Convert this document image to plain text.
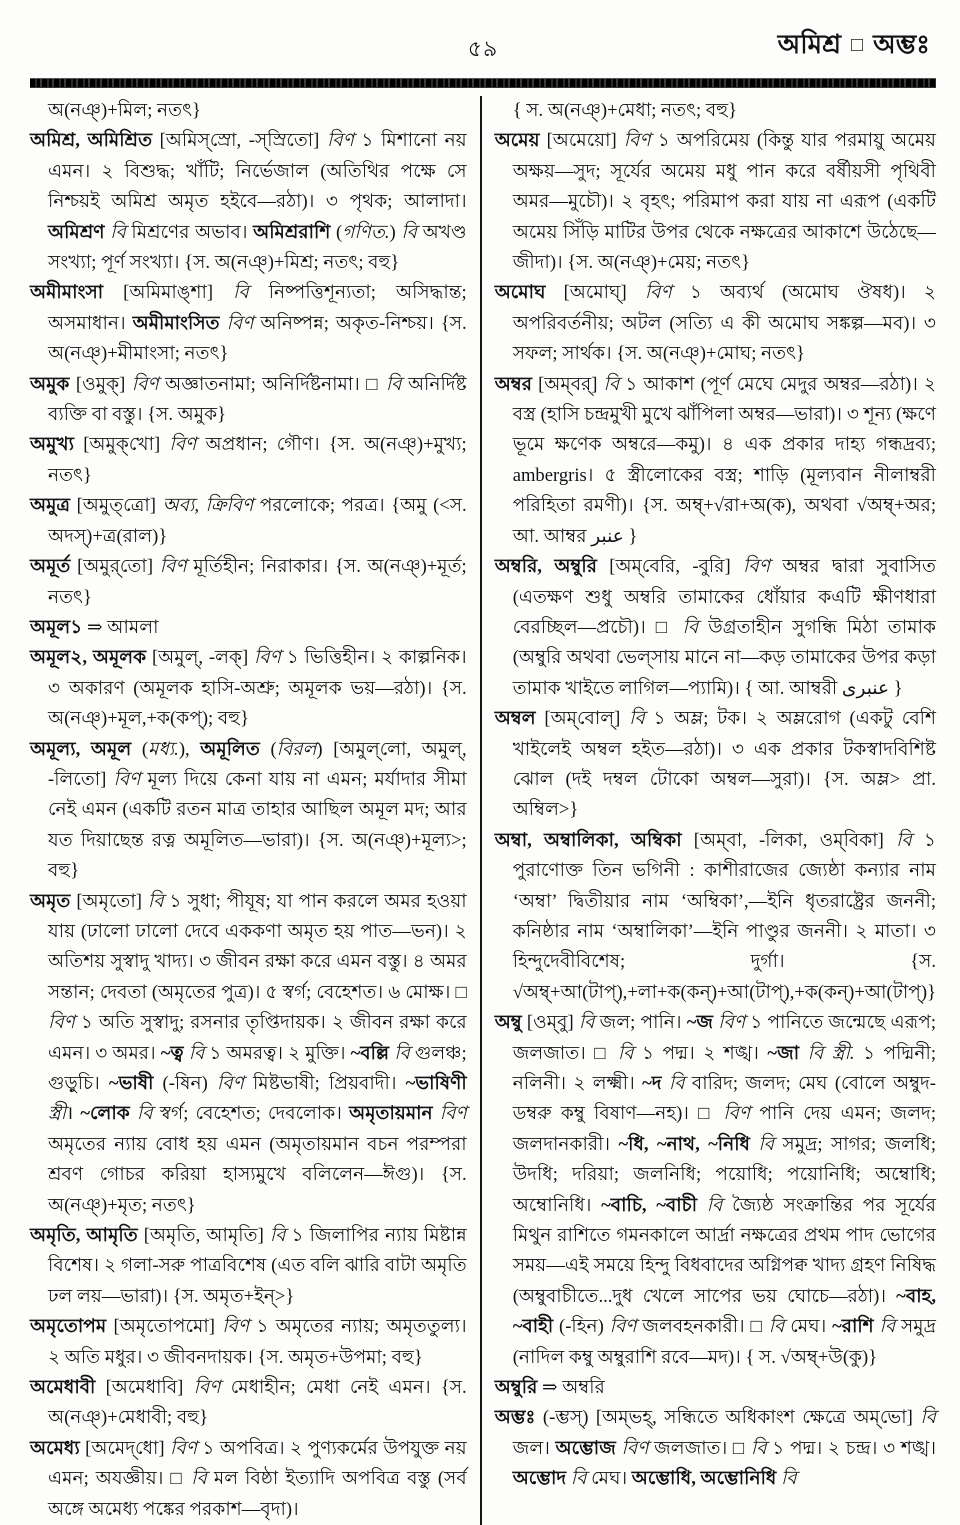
৫৯	অমিশ্র □ অম্ভঃ

অ(নঞ্)+মিল; নতৎ}

অমিশ্র, অমিশ্রিত [অমিস্‌স্রো, -স্‌স্রিতো] বিণ ১ মিশানো নয় এমন। ২ বিশুদ্ধ; খাঁটি; নির্ভেজাল (অতিথির পক্ষে সে নিশ্চয়ই অমিশ্র অমৃত হইবে—রঠা)। ৩ পৃথক; আলাদা। অমিশ্রণ বি মিশ্রণের অভাব। অমিশ্ররাশি (গণিত.) বি অখণ্ড সংখ্যা; পূর্ণ সংখ্যা। {স. অ(নঞ্)+মিশ্র; নতৎ; বহু}

অমীমাংসা [অমিমাঙ্‌শা] বি নিষ্পত্তিশূন্যতা; অসিদ্ধান্ত; অসমাধান। অমীমাংসিত বিণ অনিষ্পন্ন; অকৃত-নিশ্চয়। {স. অ(নঞ্)+মীমাংসা; নতৎ}

অমুক [ওমুক্] বিণ অজ্ঞাতনামা; অনির্দিষ্টনামা। □ বি অনির্দিষ্ট ব্যক্তি বা বস্তু। {স. অমুক}

অমুখ্য [অমুক্‌খো] বিণ অপ্রধান; গৌণ। {স. অ(নঞ্)+মুখ্য; নতৎ}

অমুত্র [অমুত্‌ত্রো] অব্য, ক্রিবিণ পরলোকে; পরত্র। {অমু (<স. অদস্)+ত্র(রাল)}

অমূর্ত [অমুর্‌তো] বিণ মূর্তিহীন; নিরাকার। {স. অ(নঞ্)+মূর্ত; নতৎ}

অমূল১ ⇒ আমলা

অমূল২, অমূলক [অমুল্, -লক্] বিণ ১ ভিত্তিহীন। ২ কাল্পনিক। ৩ অকারণ (অমূলক হাসি-অশ্রু; অমূলক ভয়—রঠা)। {স. অ(নঞ্)+মূল,+ক(কপ্); বহু}

অমূল্য, অমূল (মধ্য.), অমূলিত (বিরল) [অমুল্‌লো, অমুল্, -লিতো] বিণ মূল্য দিয়ে কেনা যায় না এমন; মর্যাদার সীমা নেই এমন (একটি রতন মাত্র তাহার আছিল অমূল মদ; আর যত দিয়াছেন্ত রত্ন অমূলিত—ভারা)। {স. অ(নঞ্)+মূল্য>; বহু}

অমৃত [অমৃতো] বি ১ সুধা; পীযূষ; যা পান করলে অমর হওয়া যায় (ঢালো ঢালো দেবে এককণা অমৃত হয় পাত—ভন)। ২ অতিশয় সুস্বাদু খাদ্য। ৩ জীবন রক্ষা করে এমন বস্তু। ৪ অমর সন্তান; দেবতা (অমৃতের পুত্র)। ৫ স্বর্গ; বেহেশত। ৬ মোক্ষ। □ বিণ ১ অতি সুস্বাদু; রসনার তৃপ্তিদায়ক। ২ জীবন রক্ষা করে এমন। ৩ অমর। ~ত্ব বি ১ অমরত্ব। ২ মুক্তি। ~বল্লি বি গুলঞ্চ; গুড়ুচি। ~ভাষী (-ষিন) বিণ মিষ্টভাষী; প্রিয়বাদী। ~ভাষিণী স্ত্রী। ~লোক বি স্বর্গ; বেহেশত; দেবলোক। অমৃতায়মান বিণ অমৃতের ন্যায় বোধ হয় এমন (অমৃতায়মান বচন পরম্পরা শ্রবণ গোচর করিয়া হাস্যমুখে বলিলেন—ঈগু)। {স. অ(নঞ্)+মৃত; নতৎ}

অমৃতি, আমৃতি [অমৃতি, আমৃতি] বি ১ জিলাপির ন্যায় মিষ্টান্ন বিশেষ। ২ গলা-সরু পাত্রবিশেষ (এত বলি ঝারি বাটা অমৃতি ঢল লয়—ভারা)। {স. অমৃত+ইন্>}

অমৃতোপম [অমৃতোপমো] বিণ ১ অমৃতের ন্যায়; অমৃততুল্য। ২ অতি মধুর। ৩ জীবনদায়ক। {স. অমৃত+উপমা; বহু}

অমেধাবী [অমেধাবি] বিণ মেধাহীন; মেধা নেই এমন। {স. অ(নঞ্)+মেধাবী; বহু}

অমেধ্য [অমেদ্‌ধো] বিণ ১ অপবিত্র। ২ পুণ্যকর্মের উপযুক্ত নয় এমন; অযজ্ঞীয়। □ বি মল বিষ্ঠা ইত্যাদি অপবিত্র বস্তু (সর্ব অঙ্গে অমেধ্য পঙ্কের পরকাশ—বৃদা)।

{ স. অ(নঞ্)+মেধা; নতৎ; বহু}

অমেয় [অমেয়ো] বিণ ১ অপরিমেয় (কিন্তু যার পরমায়ু অমেয় অক্ষয়—সুদ; সূর্যের অমেয় মধু পান করে বর্ষীয়সী পৃথিবী অমর—মুচৌ)। ২ বৃহৎ; পরিমাপ করা যায় না এরূপ (একটি অমেয় সিঁড়ি মাটির উপর থেকে নক্ষত্রের আকাশে উঠেছে—জীদা)। {স. অ(নঞ্)+মেয়; নতৎ}

অমোঘ [অমোঘ্] বিণ ১ অব্যর্থ (অমোঘ ঔষধ)। ২ অপরিবর্তনীয়; অটল (সত্যি এ কী অমোঘ সঙ্কল্প—মব)। ৩ সফল; সার্থক। {স. অ(নঞ্)+মোঘ; নতৎ}

অম্বর [অম্‌বর্] বি ১ আকাশ (পূর্ণ মেঘে মেদুর অম্বর—রঠা)। ২ বস্ত্র (হাসি চন্দ্রমুখী মুখে ঝাঁপিলা অম্বর—ভারা)। ৩ শূন্য (ক্ষণে ভূমে ক্ষণেক অম্বরে—কমু)। ৪ এক প্রকার দাহ্য গন্ধদ্রব্য; ambergris। ৫ স্ত্রীলোকের বস্ত্র; শাড়ি (মূল্যবান নীলাম্বরী পরিহিতা রমণী)। {স. অম্ব্+√রা+অ(ক), অথবা √অম্ব্+অর; আ. আম্বর عنبر }

অম্বরি, অম্বুরি [অম্‌বেরি, -বুরি] বিণ অম্বর দ্বারা সুবাসিত (এতক্ষণ শুধু অম্বরি তামাকের ধোঁয়ার কএটি ক্ষীণধারা বেরচ্ছিল—প্রচৌ)। □ বি উগ্রতাহীন সুগন্ধি মিঠা তামাক (অম্বুরি অথবা ভেল্‌সায় মানে না—কড় তামাকের উপর কড়া তামাক খাইতে লাগিল—প্যামি)। { আ. আম্বরী عنبرى }

অম্বল [অম্‌বোল্] বি ১ অম্ল; টক। ২ অম্লরোগ (একটু বেশি খাইলেই অম্বল হইত—রঠা)। ৩ এক প্রকার টকস্বাদবিশিষ্ট ঝোল (দই দম্বল টোকো অম্বল—সুরা)। {স. অম্ল> প্রা. অম্বিল>}

অম্বা, অম্বালিকা, অম্বিকা [অম্‌বা, -লিকা, ওম্‌বিকা] বি ১ পুরাণোক্ত তিন ভগিনী : কাশীরাজের জ্যেষ্ঠা কন্যার নাম ‘অম্বা’ দ্বিতীয়ার নাম ‘অম্বিকা’,—ইনি ধৃতরাষ্ট্রের জননী; কনিষ্ঠার নাম ‘অম্বালিকা’—ইনি পাণ্ডুর জননী। ২ মাতা। ৩ হিন্দুদেবীবিশেষ; দুর্গা। {স. √অম্ব্+আ(টাপ্),+লা+ক(কন্)+আ(টাপ্),+ক(কন্)+আ(টাপ্)}

অম্বু [ওম্‌বু] বি জল; পানি। ~জ বিণ ১ পানিতে জন্মেছে এরূপ; জলজাত। □ বি ১ পদ্ম। ২ শঙ্খ। ~জা বি স্ত্রী. ১ পদ্মিনী; নলিনী। ২ লক্ষ্মী। ~দ বি বারিদ; জলদ; মেঘ (বোলে অম্বুদ-ডম্বরু কম্বু বিষাণ—নহ)। □ বিণ পানি দেয় এমন; জলদ; জলদানকারী। ~ধি, ~নাথ, ~নিধি বি সমুদ্র; সাগর; জলধি; উদধি; দরিয়া; জলনিধি; পয়োধি; পয়োনিধি; অম্বোধি; অম্বোনিধি। ~বাচি, ~বাচী বি জ্যৈষ্ঠ সংক্রান্তির পর সূর্যের মিথুন রাশিতে গমনকালে আর্দ্রা নক্ষত্রের প্রথম পাদ ভোগের সময়—এই সময়ে হিন্দু বিধবাদের অগ্নিপক্ব খাদ্য গ্রহণ নিষিদ্ধ (অম্বুবাচীতে...দুধ খেলে সাপের ভয় ঘোচে—রঠা)। ~বাহ, ~বাহী (-হিন) বিণ জলবহনকারী। □ বি মেঘ। ~রাশি বি সমুদ্র (নাদিল কম্বু অম্বুরাশি রবে—মদ)। { স. √অম্ব্+উ(কু)}

অম্বুরি ⇒ অম্বরি

অম্ভঃ (-ম্ভস্) [অম্‌ভহ্, সন্ধিতে অধিকাংশ ক্ষেত্রে অম্‌ভো] বি জল। অম্ভোজ বিণ জলজাত। □ বি ১ পদ্ম। ২ চন্দ্র। ৩ শঙ্খ। অম্ভোদ বি মেঘ। অম্ভোধি, অম্ভোনিধি বি
